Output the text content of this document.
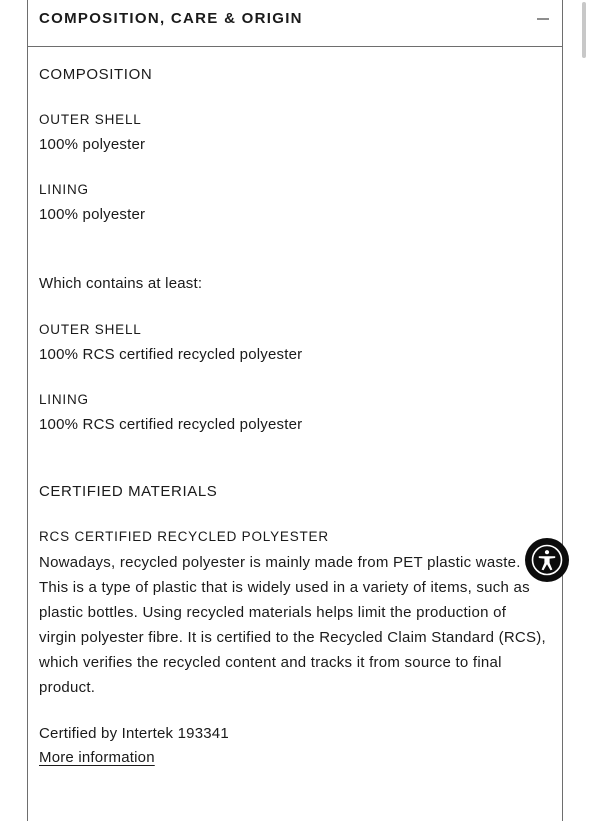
COMPOSITION, CARE & ORIGIN
COMPOSITION
OUTER SHELL
100% polyester
LINING
100% polyester
Which contains at least:
OUTER SHELL
100% RCS certified recycled polyester
LINING
100% RCS certified recycled polyester
CERTIFIED MATERIALS
RCS CERTIFIED RECYCLED POLYESTER

Nowadays, recycled polyester is mainly made from PET plastic waste. This is a type of plastic that is widely used in a variety of items, such as plastic bottles. Using recycled materials helps limit the production of virgin polyester fibre. It is certified to the Recycled Claim Standard (RCS), which verifies the recycled content and tracks it from source to final product.

Certified by Intertek 193341
More information
